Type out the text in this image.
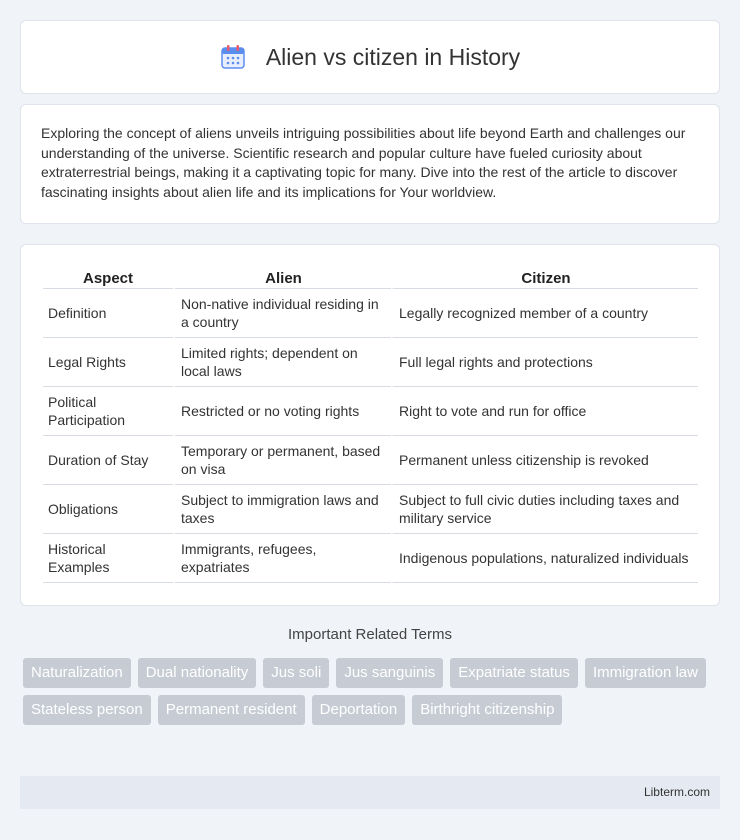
Alien vs citizen in History

Exploring the concept of aliens unveils intriguing possibilities about life beyond Earth and challenges our understanding of the universe. Scientific research and popular culture have fueled curiosity about extraterrestrial beings, making it a captivating topic for many. Dive into the rest of the article to discover fascinating insights about alien life and its implications for Your worldview.

Aspect	Alien	Citizen
Definition	Non-native individual residing in a country	Legally recognized member of a country
Legal Rights	Limited rights; dependent on local laws	Full legal rights and protections
Political Participation	Restricted or no voting rights	Right to vote and run for office
Duration of Stay	Temporary or permanent, based on visa	Permanent unless citizenship is revoked
Obligations	Subject to immigration laws and taxes	Subject to full civic duties including taxes and military service
Historical Examples	Immigrants, refugees, expatriates	Indigenous populations, naturalized individuals
Important Related Terms
Naturalization	Dual nationality	Jus soli	Jus sanguinis	Expatriate status	Immigration law
Stateless person	Permanent resident	Deportation	Birthright citizenship
Libterm.com
